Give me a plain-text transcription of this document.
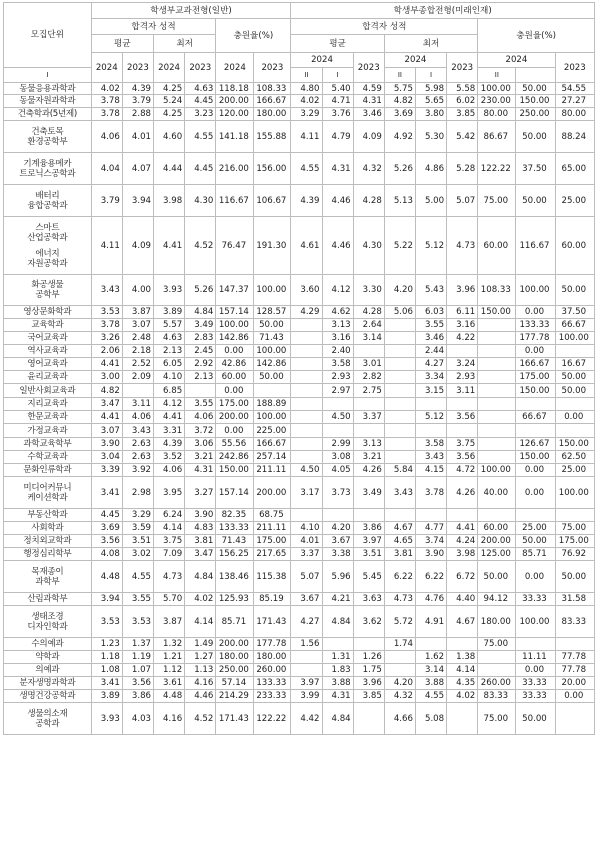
모집단위	학생부교과전형(일반)						학생부종합전형(미래인재)								
	합격자 성적				충원율(%)		합격자 성적						충원율(%)		
	평균		최저				평균			최저					
	2024	2023	2024	2023	2024	2023	2024		2023	2024		2023	2024		2023
I							II	I		II	I		II		

동물응용과학과	4.02	4.39	4.25	4.63	118.18	108.33	4.80	5.40	4.59	5.75	5.98	5.58	100.00	50.00	54.55

동물자원과학과	3.78	3.79	5.24	4.45	200.00	166.67	4.02	4.71	4.31	4.82	5.65	6.02	230.00	150.00	27.27

건축학과(5년제)	3.78	2.88	4.25	3.23	120.00	180.00	3.29	3.76	3.46	3.69	3.80	3.85	80.00	250.00	80.00

건축토목
환경공학부	4.06	4.01	4.60	4.55	141.18	155.88	4.11	4.79	4.09	4.92	5.30	5.42	86.67	50.00	88.24

기계융용메카
트로닉스공학과	4.04	4.07	4.44	4.45	216.00	156.00	4.55	4.31	4.32	5.26	4.86	5.28	122.22	37.50	65.00

배터리
융합공학과	3.79	3.94	3.98	4.30	116.67	106.67	4.39	4.46	4.28	5.13	5.00	5.07	75.00	50.00	25.00

스마트
산업공학과
에너지
자원공학과	4.11	4.09	4.41	4.52	76.47	191.30	4.61	4.46	4.30	5.22	5.12	4.73	60.00	116.67	60.00

화공생물
공학부	3.43	4.00	3.93	5.26	147.37	100.00	3.60	4.12	3.30	4.20	5.43	3.96	108.33	100.00	50.00

영상문화학과	3.53	3.87	3.89	4.84	157.14	128.57	4.29	4.62	4.28	5.06	6.03	6.11	150.00	0.00	37.50

교육학과	3.78	3.07	5.57	3.49	100.00	50.00		3.13	2.64		3.55	3.16		133.33	66.67

국어교육과	3.26	2.48	4.63	2.83	142.86	71.43		3.16	3.14		3.46	4.22		177.78	100.00

역사교육과	2.06	2.18	2.13	2.45	0.00	100.00		2.40			2.44			0.00	

영어교육과	4.41	2.52	6.05	2.92	42.86	142.86		3.58	3.01		4.27	3.24		166.67	16.67

윤리교육과	3.00	2.09	4.10	2.13	60.00	50.00		2.93	2.82		3.34	2.93		175.00	50.00

일반사회교육과	4.82		6.85		0.00			2.97	2.75		3.15	3.11		150.00	50.00

지리교육과	3.47	3.11	4.12	3.55	175.00	188.89									

한문교육과	4.41	4.06	4.41	4.06	200.00	100.00		4.50	3.37		5.12	3.56		66.67	0.00

가정교육과	3.07	3.43	3.31	3.72	0.00	225.00									

과학교육학부	3.90	2.63	4.39	3.06	55.56	166.67		2.99	3.13		3.58	3.75		126.67	150.00

수학교육과	3.04	2.63	3.52	3.21	242.86	257.14		3.08	3.21		3.43	3.56		150.00	62.50

문화인류학과	3.39	3.92	4.06	4.31	150.00	211.11	4.50	4.05	4.26	5.84	4.15	4.72	100.00	0.00	25.00

미디어커뮤니
케이션학과	3.41	2.98	3.95	3.27	157.14	200.00	3.17	3.73	3.49	3.43	3.78	4.26	40.00	0.00	100.00

부동산학과	4.45	3.29	6.24	3.90	82.35	68.75									

사회학과	3.69	3.59	4.14	4.83	133.33	211.11	4.10	4.20	3.86	4.67	4.77	4.41	60.00	25.00	75.00

정치외교학과	3.56	3.51	3.75	3.81	71.43	175.00	4.01	3.67	3.97	4.65	3.74	4.24	200.00	50.00	175.00

행정심리학부	4.08	3.02	7.09	3.47	156.25	217.65	3.37	3.38	3.51	3.81	3.90	3.98	125.00	85.71	76.92

목재종이
과학부	4.48	4.55	4.73	4.84	138.46	115.38	5.07	5.96	5.45	6.22	6.22	6.72	50.00	0.00	50.00

산림과학부	3.94	3.55	5.70	4.02	125.93	85.19	3.67	4.21	3.63	4.73	4.76	4.40	94.12	33.33	31.58

생태조경
디자인학과	3.53	3.53	3.87	4.14	85.71	171.43	4.27	4.84	3.62	5.72	4.91	4.67	180.00	100.00	83.33

수의예과	1.23	1.37	1.32	1.49	200.00	177.78	1.56			1.74			75.00		

약학과	1.18	1.19	1.21	1.27	180.00	180.00		1.31	1.26		1.62	1.38		11.11	77.78

의예과	1.08	1.07	1.12	1.13	250.00	260.00		1.83	1.75		3.14	4.14		0.00	77.78

분자생명과학과	3.41	3.56	3.61	4.16	57.14	133.33	3.97	3.88	3.96	4.20	3.88	4.35	260.00	33.33	20.00

생명건강공학과	3.89	3.86	4.48	4.46	214.29	233.33	3.99	4.31	3.85	4.32	4.55	4.02	83.33	33.33	0.00

생물의소재
공학과	3.93	4.03	4.16	4.52	171.43	122.22	4.42	4.84		4.66	5.08		75.00	50.00	
